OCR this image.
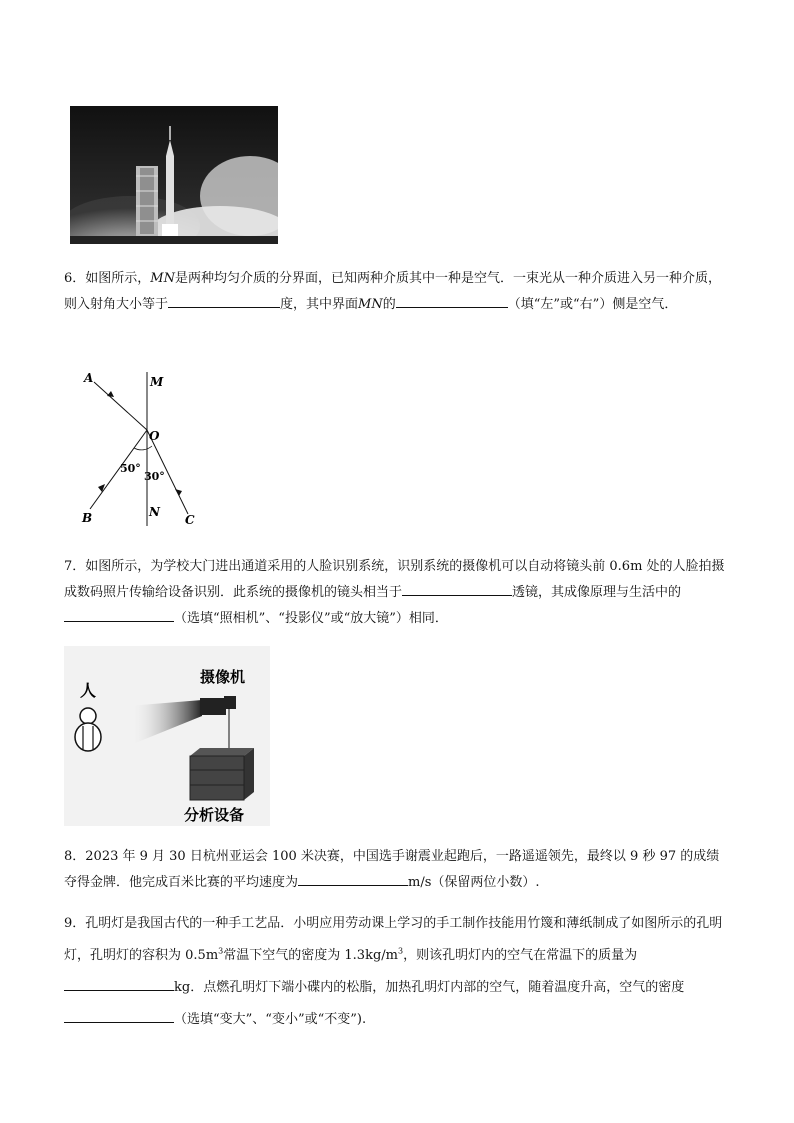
6．如图所示，MN是两种均匀介质的分界面，已知两种介质其中一种是空气．一束光从一种介质进入另一种介质，则入射角大小等于	度，其中界面MN的	（填“左”或“右”）侧是空气．
A	M
O
50°
30°
B	N
C
7．如图所示，为学校大门进出通道采用的人脸识别系统，识别系统的摄像机可以自动将镜头前 0.6m 处的人脸拍摄成数码照片传输给设备识别．此系统的摄像机的镜头相当于	透镜，其成像原理与生活中的（选填“照相机”、“投影仪”或“放大镜”）相同．
人
摄像机
分析设备
8．2023 年 9 月 30 日杭州亚运会 100 米决赛，中国选手谢震业起跑后，一路遥遥领先，最终以 9 秒 97 的成绩夺得金牌．他完成百米比赛的平均速度为	m/s（保留两位小数）.
9．孔明灯是我国古代的一种手工艺品．小明应用劳动课上学习的手工制作技能用竹篾和薄纸制成了如图所示的孔明灯，孔明灯的容积为 $0.5m^3$常温下空气的密度为 $1.3kg/m^3$，则该孔明灯内的空气在常温下的质量为
kg．点燃孔明灯下端小碟内的松脂，加热孔明灯内部的空气，随着温度升高，空气的密度（选填“变大”、“变小”或“不变”).
